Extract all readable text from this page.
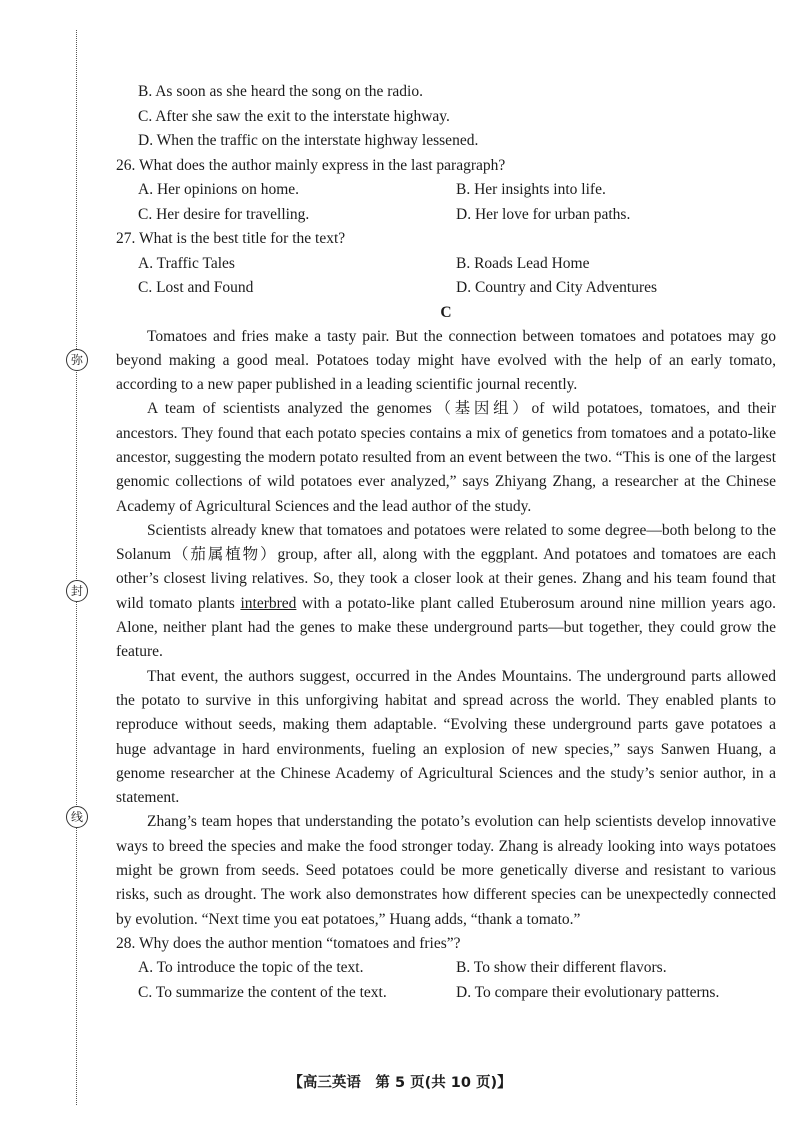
弥
封
线
B. As soon as she heard the song on the radio.
C. After she saw the exit to the interstate highway.
D. When the traffic on the interstate highway lessened.
26. What does the author mainly express in the last paragraph?
A. Her opinions on home.	B. Her insights into life.
C. Her desire for travelling.	D. Her love for urban paths.
27. What is the best title for the text?
A. Traffic Tales	B. Roads Lead Home
C. Lost and Found	D. Country and City Adventures
C

Tomatoes and fries make a tasty pair. But the connection between tomatoes and potatoes may go beyond making a good meal. Potatoes today might have evolved with the help of an early tomato, according to a new paper published in a leading scientific journal recently.

A team of scientists analyzed the genomes（基因组）of wild potatoes, tomatoes, and their ancestors. They found that each potato species contains a mix of genetics from tomatoes and a potato-like ancestor, suggesting the modern potato resulted from an event between the two. “This is one of the largest genomic collections of wild potatoes ever analyzed,” says Zhiyang Zhang, a researcher at the Chinese Academy of Agricultural Sciences and the lead author of the study.

Scientists already knew that tomatoes and potatoes were related to some degree—both belong to the Solanum（茄属植物）group, after all, along with the eggplant. And potatoes and tomatoes are each other’s closest living relatives. So, they took a closer look at their genes. Zhang and his team found that wild tomato plants interbred with a potato-like plant called Etuberosum around nine million years ago. Alone, neither plant had the genes to make these underground parts—but together, they could grow the feature.

That event, the authors suggest, occurred in the Andes Mountains. The underground parts allowed the potato to survive in this unforgiving habitat and spread across the world. They enabled plants to reproduce without seeds, making them adaptable. “Evolving these underground parts gave potatoes a huge advantage in hard environments, fueling an explosion of new species,” says Sanwen Huang, a genome researcher at the Chinese Academy of Agricultural Sciences and the study’s senior author, in a statement.

Zhang’s team hopes that understanding the potato’s evolution can help scientists develop innovative ways to breed the species and make the food stronger today. Zhang is already looking into ways potatoes might be grown from seeds. Seed potatoes could be more genetically diverse and resistant to various risks, such as drought. The work also demonstrates how different species can be unexpectedly connected by evolution. “Next time you eat potatoes,” Huang adds, “thank a tomato.”

28. Why does the author mention “tomatoes and fries”?
A. To introduce the topic of the text.	B. To show their different flavors.
C. To summarize the content of the text.	D. To compare their evolutionary patterns.
【高三英语　第 5 页(共 10 页)】
